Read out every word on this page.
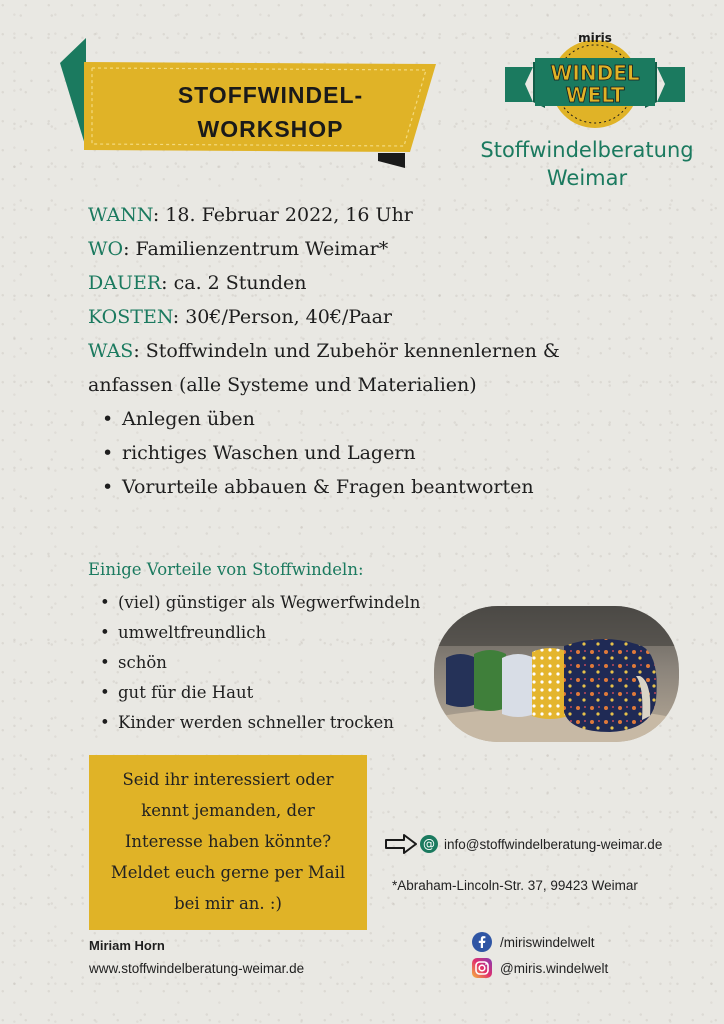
STOFFWINDEL-
WORKSHOP
miris
WINDEL
WELT
Stoffwindelberatung
Weimar

WANN: 18. Februar 2022, 16 Uhr

WO: Familienzentrum Weimar*

DAUER: ca. 2 Stunden

KOSTEN: 30€/Person, 40€/Paar

WAS: Stoffwindeln und Zubehör kennenlernen &

anfassen (alle Systeme und Materialien)

• Anlegen üben
• richtiges Waschen und Lagern
• Vorurteile abbauen & Fragen beantworten
Einige Vorteile von Stoffwindeln:
• (viel) günstiger als Wegwerfwindeln
• umweltfreundlich
• schön
• gut für die Haut
• Kinder werden schneller trocken
Seid ihr interessiert oder
kennt jemanden, der
Interesse haben könnte?
Meldet euch gerne per Mail
bei mir an. :)
@ info@stoffwindelberatung-weimar.de
*Abraham-Lincoln-Str. 37, 99423 Weimar
/miriswindelwelt
@miris.windelwelt
Miriam Horn
www.stoffwindelberatung-weimar.de
